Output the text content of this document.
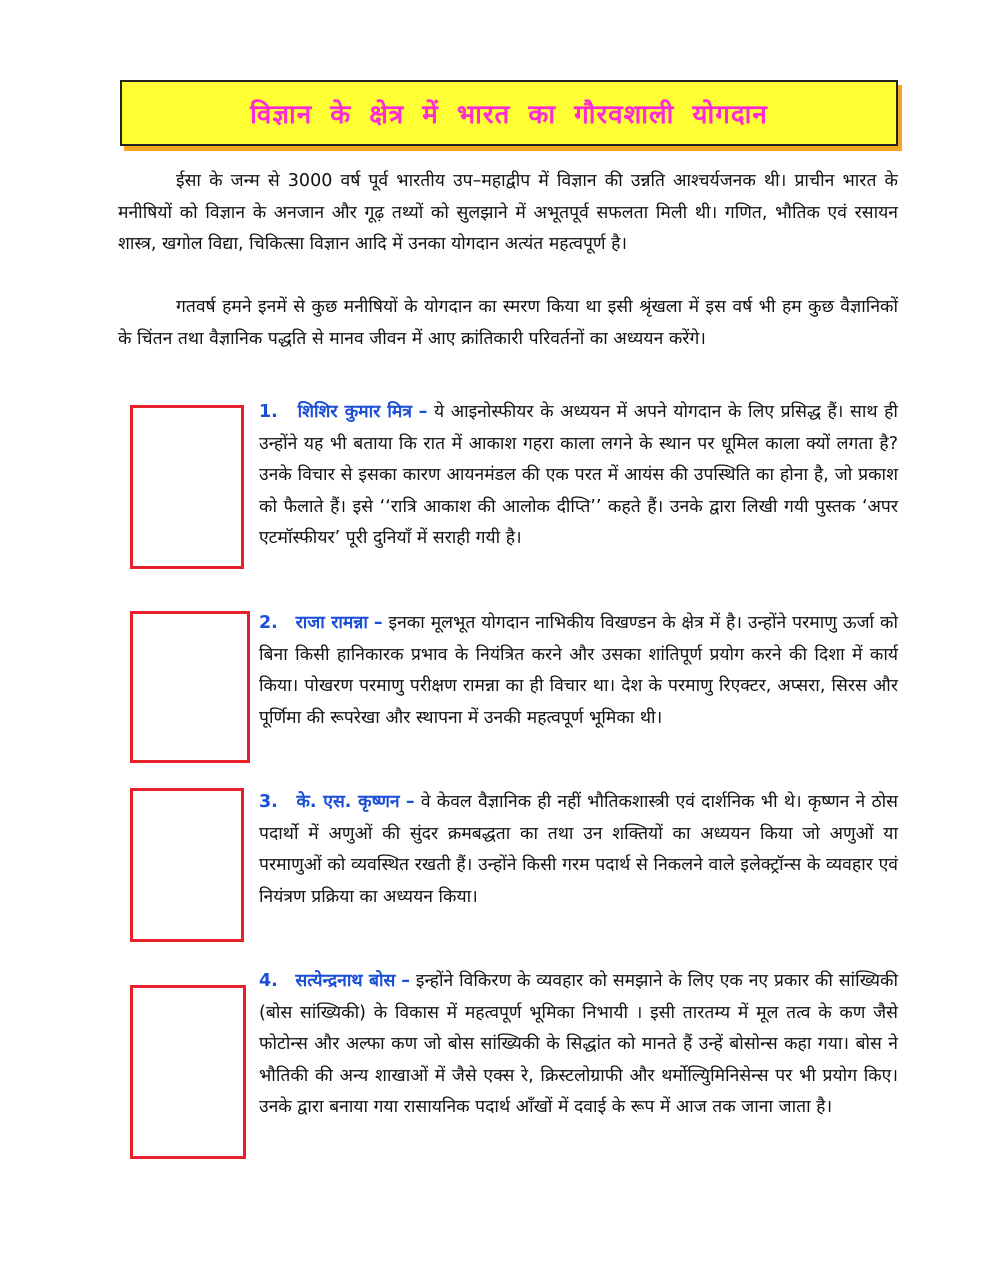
विज्ञान के क्षेत्र में भारत का गौरवशाली योगदान

ईसा के जन्म से 3000 वर्ष पूर्व भारतीय उप–महाद्वीप में विज्ञान की उन्नति आश्चर्यजनक थी। प्राचीन भारत के मनीषियों को विज्ञान के अनजान और गूढ़ तथ्यों को सुलझाने में अभूतपूर्व सफलता मिली थी। गणित, भौतिक एवं रसायन शास्त्र, खगोल विद्या, चिकित्सा विज्ञान आदि में उनका योगदान अत्यंत महत्वपूर्ण है।

गतवर्ष हमने इनमें से कुछ मनीषियों के योगदान का स्मरण किया था इसी श्रृंखला में इस वर्ष भी हम कुछ वैज्ञानिकों के चिंतन तथा वैज्ञानिक पद्धति से मानव जीवन में आए क्रांतिकारी परिवर्तनों का अध्ययन करेंगे।

1. शिशिर कुमार मित्र – ये आइनोस्फीयर के अध्ययन में अपने योगदान के लिए प्रसिद्ध हैं। साथ ही उन्होंने यह भी बताया कि रात में आकाश गहरा काला लगने के स्थान पर धूमिल काला क्यों लगता है? उनके विचार से इसका कारण आयनमंडल की एक परत में आयंस की उपस्थिति का होना है, जो प्रकाश को फैलाते हैं। इसे ‘‘रात्रि आकाश की आलोक दीप्ति’’ कहते हैं। उनके द्वारा लिखी गयी पुस्तक ‘अपर एटमॉस्फीयर’ पूरी दुनियाँ में सराही गयी है।

2. राजा रामन्ना – इनका मूलभूत योगदान नाभिकीय विखण्डन के क्षेत्र में है। उन्होंने परमाणु ऊर्जा को बिना किसी हानिकारक प्रभाव के नियंत्रित करने और उसका शांतिपूर्ण प्रयोग करने की दिशा में कार्य किया। पोखरण परमाणु परीक्षण रामन्ना का ही विचार था। देश के परमाणु रिएक्टर, अप्सरा, सिरस और पूर्णिमा की रूपरेखा और स्थापना में उनकी महत्वपूर्ण भूमिका थी।

3. के. एस. कृष्णन – वे केवल वैज्ञानिक ही नहीं भौतिकशास्त्री एवं दार्शनिक भी थे। कृष्णन ने ठोस पदार्थो में अणुओं की सुंदर क्रमबद्धता का तथा उन शक्तियों का अध्ययन किया जो अणुओं या परमाणुओं को व्यवस्थित रखती हैं। उन्होंने किसी गरम पदार्थ से निकलने वाले इलेक्ट्रॉन्स के व्यवहार एवं नियंत्रण प्रक्रिया का अध्ययन किया।

4. सत्येन्द्रनाथ बोस – इन्होंने विकिरण के व्यवहार को समझाने के लिए एक नए प्रकार की सांख्यिकी (बोस सांख्यिकी) के विकास में महत्वपूर्ण भूमिका निभायी । इसी तारतम्य में मूल तत्व के कण जैसे फोटोन्स और अल्फा कण जो बोस सांख्यिकी के सिद्धांत को मानते हैं उन्हें बोसोन्स कहा गया। बोस ने भौतिकी की अन्य शाखाओं में जैसे एक्स रे, क्रिस्टलोग्राफी और थर्मोल्यिुमिनिसेन्स पर भी प्रयोग किए। उनके द्वारा बनाया गया रासायनिक पदार्थ आँखों में दवाई के रूप में आज तक जाना जाता है।
